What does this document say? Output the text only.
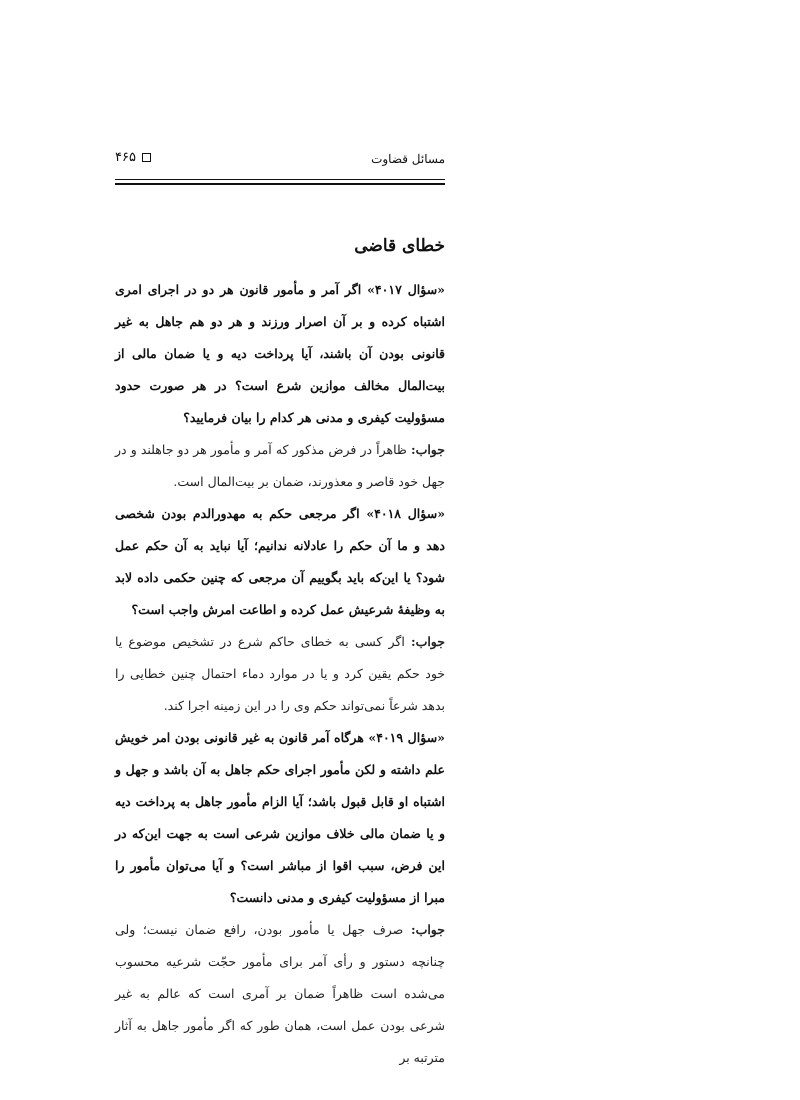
مسائل قضاوت
۴۶۵
خطای قاضی

«سؤال ۴۰۱۷» اگر آمر و مأمور قانون هر دو در اجرای امری اشتباه کرده و بر آن اصرار ورزند و هر دو هم جاهل به غیر قانونی بودن آن باشند، آیا پرداخت دیه و یا ضمان مالی از بیت‌المال مخالف موازین شرع است؟ در هر صورت حدود مسؤولیت کیفری و مدنی هر کدام را بیان فرمایید؟

جواب: ظاهراً در فرض مذکور که آمر و مأمور هر دو جاهلند و در جهل خود قاصر و معذورند، ضمان بر بیت‌المال است.

«سؤال ۴۰۱۸» اگر مرجعی حکم به مهدورالدم بودن شخصی دهد و ما آن حکم را عادلانه ندانیم؛ آیا نباید به آن حکم عمل شود؟ یا این‌که باید بگوییم آن مرجعی که چنین حکمی داده لابد به وظیفهٔ شرعیش عمل کرده و اطاعت امرش واجب است؟

جواب: اگر کسی به خطای حاکم شرع در تشخیص موضوع یا خود حکم یقین کرد و یا در موارد دماء احتمال چنین خطایی را بدهد شرعاً نمی‌تواند حکم وی را در این زمینه اجرا کند.

«سؤال ۴۰۱۹» هرگاه آمر قانون به غیر قانونی بودن امر خویش علم داشته و لکن مأمور اجرای حکم جاهل به آن باشد و جهل و اشتباه او قابل قبول باشد؛ آیا الزام مأمور جاهل به پرداخت دیه و یا ضمان مالی خلاف موازین شرعی است به جهت این‌که در این فرض، سبب اقوا از مباشر است؟ و آیا می‌توان مأمور را مبرا از مسؤولیت کیفری و مدنی دانست؟

جواب: صرف جهل یا مأمور بودن، رافع ضمان نیست؛ ولی چنانچه دستور و رأی آمر برای مأمور حجّت شرعیه محسوب می‌شده است ظاهراً ضمان بر آمری است که عالم به غیر شرعی بودن عمل است، همان طور که اگر مأمور جاهل به آثار مترتبه بر
